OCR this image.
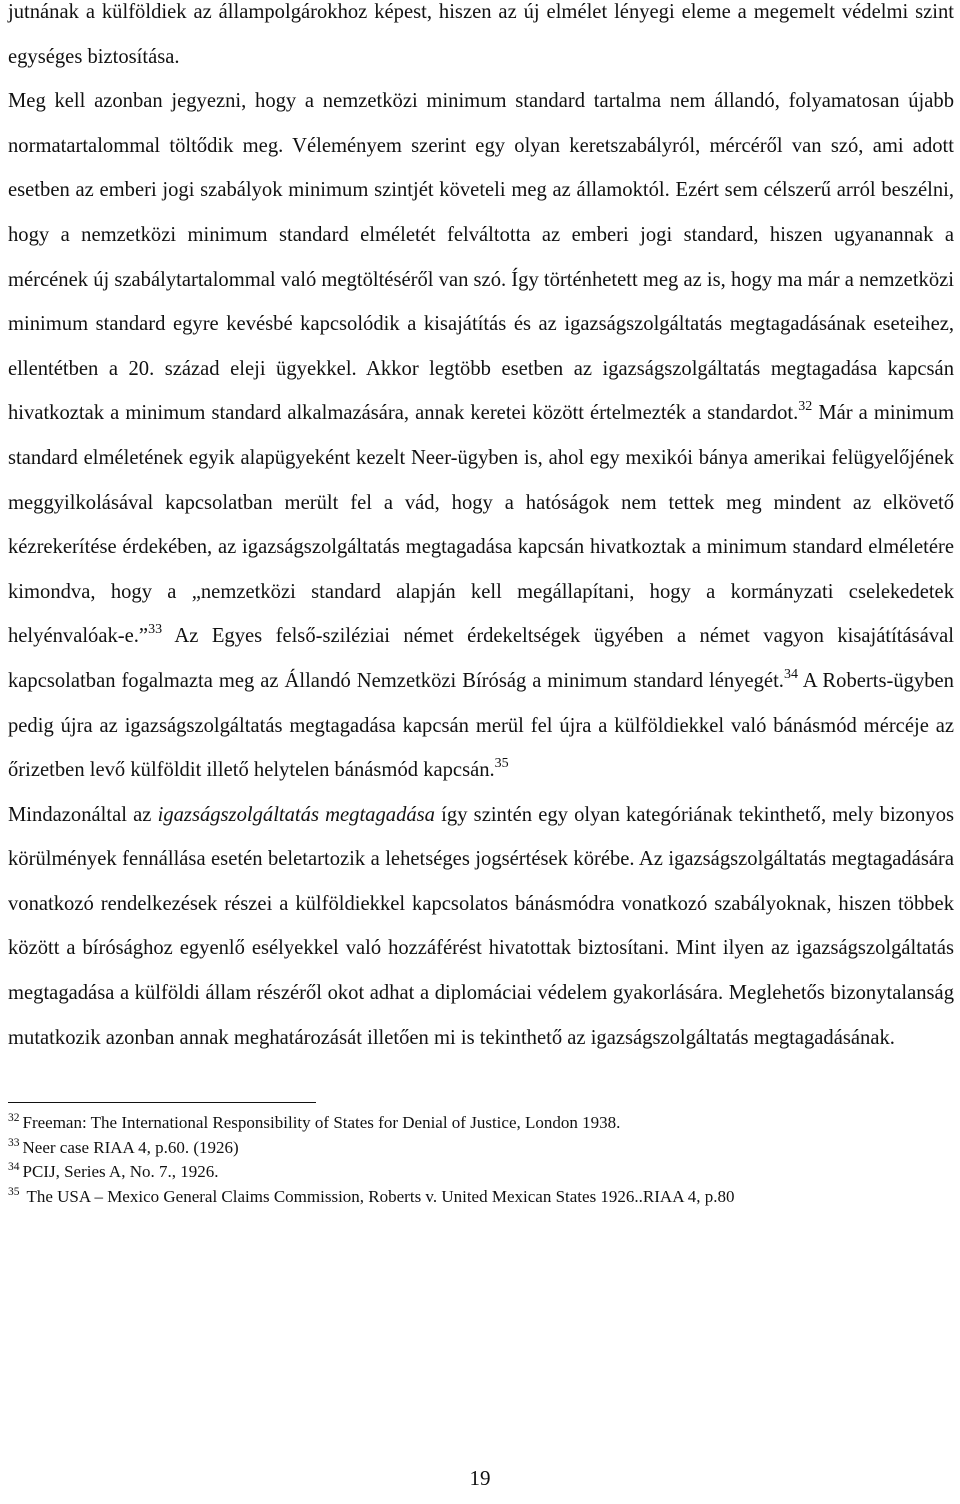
jutnának a külföldiek az állampolgárokhoz képest, hiszen az új elmélet lényegi eleme a megemelt védelmi szint egységes biztosítása.

Meg kell azonban jegyezni, hogy a nemzetközi minimum standard tartalma nem állandó, folyamatosan újabb normatartalommal töltődik meg. Véleményem szerint egy olyan keretszabályról, mércéről van szó, ami adott esetben az emberi jogi szabályok minimum szintjét követeli meg az államoktól. Ezért sem célszerű arról beszélni, hogy a nemzetközi minimum standard elméletét felváltotta az emberi jogi standard, hiszen ugyanannak a mércének új szabálytartalommal való megtöltéséről van szó. Így történhetett meg az is, hogy ma már a nemzetközi minimum standard egyre kevésbé kapcsolódik a kisajátítás és az igazságszolgáltatás megtagadásának eseteihez, ellentétben a 20. század eleji ügyekkel. Akkor legtöbb esetben az igazságszolgáltatás megtagadása kapcsán hivatkoztak a minimum standard alkalmazására, annak keretei között értelmezték a standardot.$^{32}$ Már a minimum standard elméletének egyik alapügyeként kezelt Neer-ügyben is, ahol egy mexikói bánya amerikai felügyelőjének meggyilkolásával kapcsolatban merült fel a vád, hogy a hatóságok nem tettek meg mindent az elkövető kézrekerítése érdekében, az igazságszolgáltatás megtagadása kapcsán hivatkoztak a minimum standard elméletére kimondva, hogy a „nemzetközi standard alapján kell megállapítani, hogy a kormányzati cselekedetek helyénvalóak-e.”$^{33}$ Az Egyes felső-sziléziai német érdekeltségek ügyében a német vagyon kisajátításával kapcsolatban fogalmazta meg az Állandó Nemzetközi Bíróság a minimum standard lényegét.$^{34}$ A Roberts-ügyben pedig újra az igazságszolgáltatás megtagadása kapcsán merül fel újra a külföldiekkel való bánásmód mércéje az őrizetben levő külföldit illető helytelen bánásmód kapcsán.$^{35}$

Mindazonáltal az igazságszolgáltatás megtagadása így szintén egy olyan kategóriának tekinthető, mely bizonyos körülmények fennállása esetén beletartozik a lehetséges jogsértések körébe. Az igazságszolgáltatás megtagadására vonatkozó rendelkezések részei a külföldiekkel kapcsolatos bánásmódra vonatkozó szabályoknak, hiszen többek között a bírósághoz egyenlő esélyekkel való hozzáférést hivatottak biztosítani. Mint ilyen az igazságszolgáltatás megtagadása a külföldi állam részéről okot adhat a diplomáciai védelem gyakorlására. Meglehetős bizonytalanság mutatkozik azonban annak meghatározását illetően mi is tekinthető az igazságszolgáltatás megtagadásának.

$^{32}$ Freeman: The International Responsibility of States for Denial of Justice, London 1938.
$^{33}$ Neer case RIAA 4, p.60. (1926)
$^{34}$ PCIJ, Series A, No. 7., 1926.
$^{35}$ The USA – Mexico General Claims Commission, Roberts v. United Mexican States 1926..RIAA 4, p.80
19
